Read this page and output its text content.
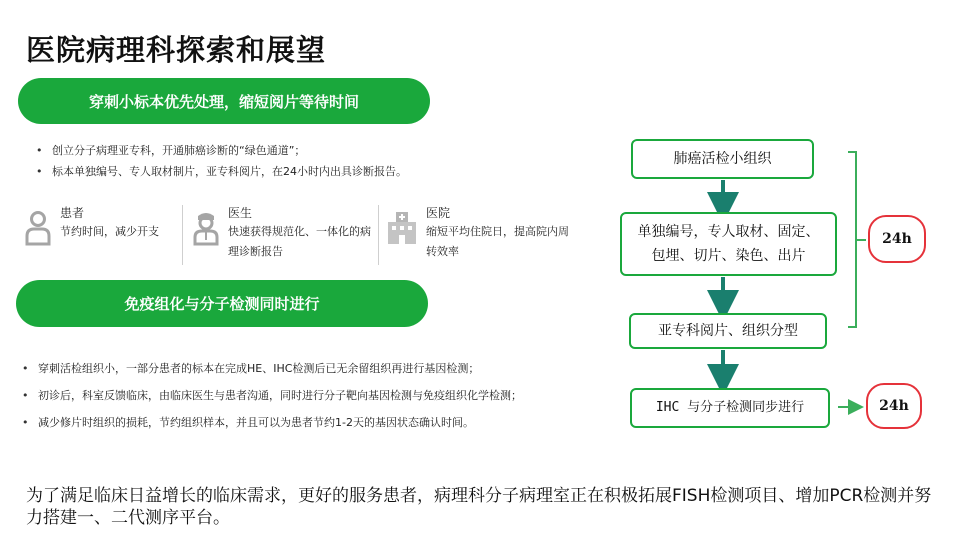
医院病理科探索和展望
穿刺小标本优先处理，缩短阅片等待时间
• 创立分子病理亚专科，开通肺癌诊断的“绿色通道”；
• 标本单独编号、专人取材制片，亚专科阅片，在24小时内出具诊断报告。
患者
节约时间，减少开支
医生
快速获得规范化、一体化的病理诊断报告
医院
缩短平均住院日，提高院内周转效率
免疫组化与分子检测同时进行
• 穿刺活检组织小，一部分患者的标本在完成HE、IHC检测后已无余留组织再进行基因检测；
• 初诊后，科室反馈临床，由临床医生与患者沟通，同时进行分子靶向基因检测与免疫组织化学检测；
• 减少修片时组织的损耗，节约组织样本，并且可以为患者节约1-2天的基因状态确认时间。
肺癌活检小组织
单独编号，专人取材、固定、包埋、切片、染色、出片
亚专科阅片、组织分型
IHC 与分子检测同步进行
24h
24h
为了满足临床日益增长的临床需求，更好的服务患者，病理科分子病理室正在积极拓展FISH检测项目、增加PCR检测并努力搭建一、二代测序平台。
